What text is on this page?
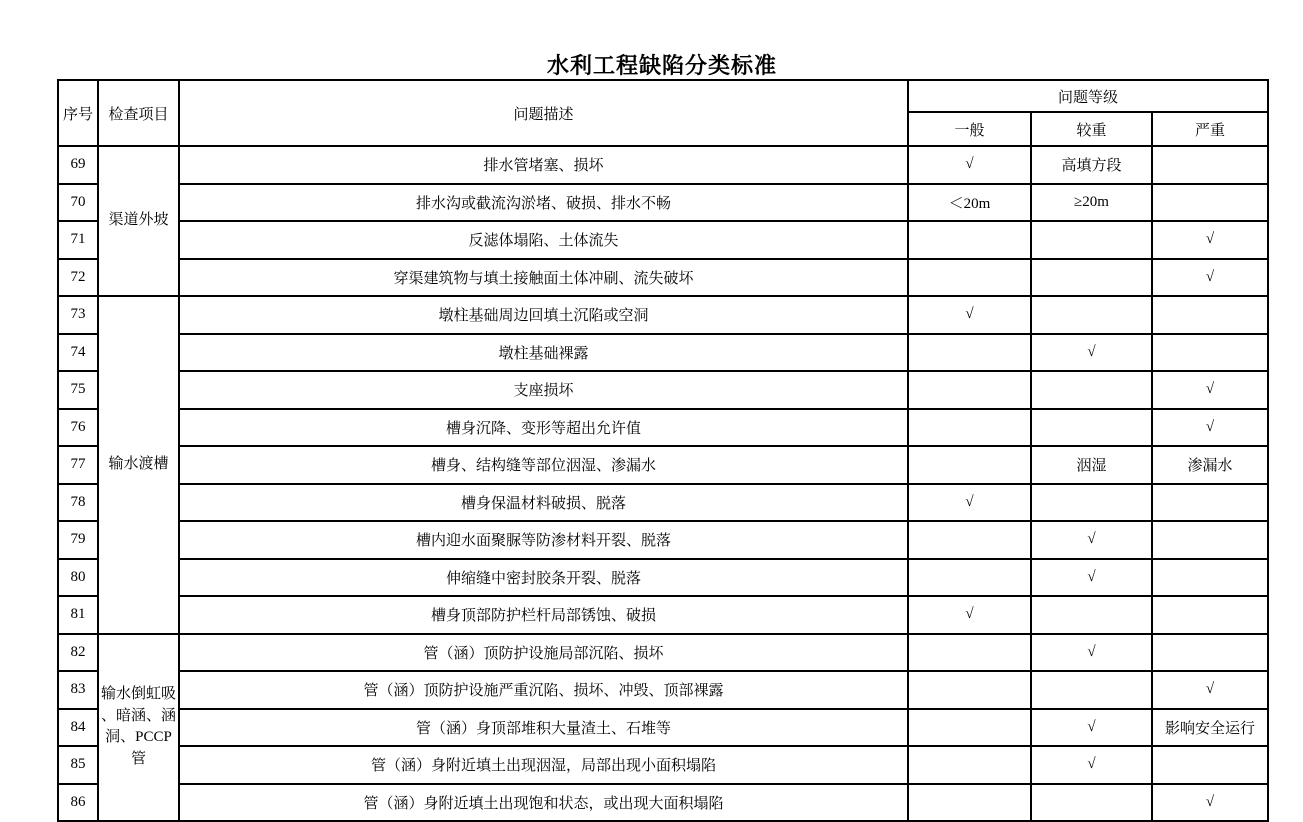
水利工程缺陷分类标准
序号	检查项目	问题描述	问题等级		
			一般	较重	严重
69	渠道外坡	排水管堵塞、损坏	√	高填方段	
70		排水沟或截流沟淤堵、破损、排水不畅	＜20m	≥20m	
71		反滤体塌陷、土体流失			√
72		穿渠建筑物与填土接触面土体冲刷、流失破坏			√
73	输水渡槽	墩柱基础周边回填土沉陷或空洞	√		
74		墩柱基础裸露		√	
75		支座损坏			√
76		槽身沉降、变形等超出允许值			√
77		槽身、结构缝等部位洇湿、渗漏水		洇湿	渗漏水
78		槽身保温材料破损、脱落	√		
79		槽内迎水面聚脲等防渗材料开裂、脱落		√	
80		伸缩缝中密封胶条开裂、脱落		√	
81		槽身顶部防护栏杆局部锈蚀、破损	√		
82	输水倒虹吸、暗涵、涵洞、PCCP管	管（涵）顶防护设施局部沉陷、损坏		√	
83		管（涵）顶防护设施严重沉陷、损坏、冲毁、顶部裸露			√
84		管（涵）身顶部堆积大量渣土、石堆等		√	影响安全运行
85		管（涵）身附近填土出现洇湿，局部出现小面积塌陷		√	
86		管（涵）身附近填土出现饱和状态，或出现大面积塌陷			√
